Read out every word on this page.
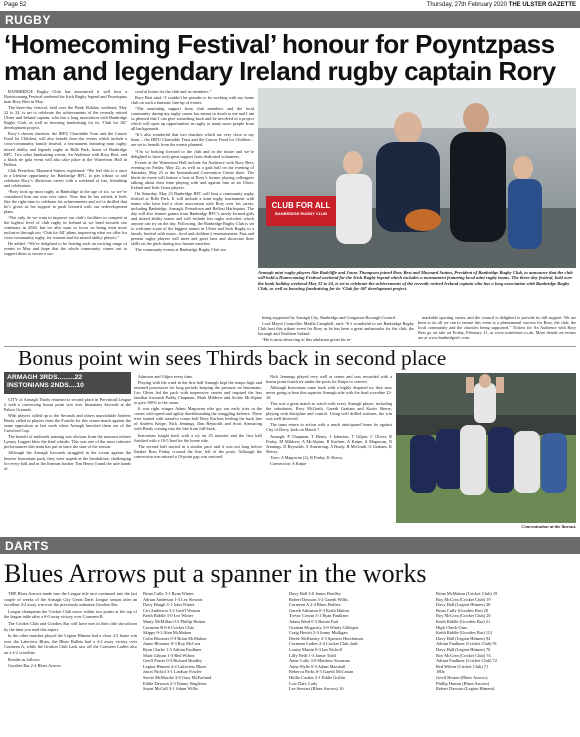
Page 52	Thursday, 27th February 2020 THE ULSTER GAZETTE
RUGBY
‘Homecoming Festival’ honour for Poyntzpass
man and legendary Ireland rugby captain Rory

BANBRIDGE Rugby Club has announced it will host a Homecoming Festival weekend for Irish Rugby legend and Poyntzpass man Rory Best in May.

The three-day festival, held over the Bank Holiday weekend, May 22 to 24, is set to celebrate the achievements of the recently retired Ulster and Ireland captain, who has a long association with Banbridge Rugby Club, as well as boosting fundraising for its ‘Club for All’ development project.

Rory’s chosen charities, the IRFU Charitable Trust and the Cancer Fund for Children, will also benefit from the events which include a cross-community family festival, a tournament featuring mini rugby, mixed ability and legends rugby at Rifle Park, home of Banbridge RFC. Two other fundraising events, An Audience with Rory Best, and a black tie gala event will also take place at the Waterfront Hall in Belfast.

Club President, Maynard Sutton, explained: “We feel this is a once in a lifetime opportunity for Banbridge RFC, to pay tribute to and celebrate Rory’s illustrious career with a weekend of fun, friendship and celebration.

“Rory took up mini rugby at Banbridge at the age of six, so we’ve considered him our own ever since. Now that he has retired, it feels like the right time to celebrate his achievements and we’re thrilled that he’s given us his support to push forward with our redevelopment plans.

“Not only do we want to improve our club’s facilities to compete at the highest level of club rugby in Ireland as we head towards our centenary in 2026, but we also want to focus on being even more inclusive through our ‘Club for All’ plans, improving what we offer for cross-community rugby, for women and for mixed ability players.”

He added: “We’re delighted to be hosting such an exciting range of events in May and hope that the whole community comes out to support them to secure a suc-

cessful future for the club and its members.”

Rory Best said: “I couldn’t be prouder to be working with my home club on such a fantastic line-up of events.

“The unstinting support from club members and the local community during my rugby career has meant so much to me and I am so pleased that I can give something back and be involved in a project which will open up opportunities in rugby to many more people from all backgrounds.

“It’s also wonderful that two charities which are very close to my heart – the IRFU Charitable Trust and the Cancer Fund for Children – are set to benefit from the events planned.

“I’m so looking forward to the club and in the future and we’re delighted to have such great support from dedicated volunteers.

Events at the Waterfront Hall include An Audience with Rory Best, evening on Friday, May 22, as well as a gala ball on the evening of Saturday, May 23 at the International Convention Centre there. The black-tie event will feature a host of Rory’s former playing colleagues talking about their time playing with and against him as an Ulster, Ireland and Irish Lions players.

On Saturday, May 23 Banbridge RFC will host a community rugby festival at Rifle Park. It will include a mini rugby tournament with teams who have had a close association with Rory over his career, including Banbridge, Armagh, Portadown and Belfast Harlequins. The day will also feature games from Banbridge RFC’s newly-formed girls and mixed ability teams and will include fun rugby activities which anyone can try on the day. Following, the Banbridge Rugby Club is set to welcome some of the biggest names in Ulster and Irish Rugby to a family festival with music, food and children’s entertainment. Past and present rugby players will meet and greet fans and showcase their skills on the pitch during two feature matches.

The community events at Banbridge Rugby Club are

CLUB FOR ALL
BANBRIDGE RUGBY CLUB
Armagh mini rugby players Abe Radcliffe and Jonas Thompson joined Rory Best and Maynard Sutton, President of Banbridge Rugby Club, to announce that the club will hold a Homecoming Festival weekend for the Irish Rugby legend which includes a tournament featuring local mini rugby teams. The three-day festival, held over the bank holiday weekend May 22 to 24, is set to celebrate the achievements of the recently retired Ireland captain who has a long association with Banbridge Rugby Club, as well as boosting fundraising for its ‘Club for All’ development project.

being supported by Armagh City, Banbridge and Craigavon Borough Council.

Lord Mayor Councillor Mealla Campbell, said: “It’s wonderful to see Banbridge Rugby Club host this tribute event for Rory as he has been a great ambassador for the club, the borough and Northern Ireland.

“He is most deserving of this adulation given his re-

markable sporting career, and the council is delighted to provide its full support. We are keen to do all we can to ensure this event is a phenomenal success for Rory, the club, the local community and the charities being supported.” Tickets for An Audience with Rory Best go on sale on Friday, February 21, at www.waterfront.co.uk. More details on events are at www.banbridgerfc.com.

Bonus point win sees Thirds back in second place
ARMAGH 3RDS.........22
INSTONIANS 2NDS....10

CITY of Armagh Thirds returned to second place in Provincial League 2 with a convincing bonus point win over Instonians Seconds at the Palace Grounds.

With players called up to the Seconds and others unavailable Andrew Brady called in players from the Fourths for this return match against the same opposition as last week when Armagh knocked them out of the Crawford Cup.

The benefit of midweek training was obvious from the moment referee Lynsey Leggett blew the final whistle. This was one of the most cohesive performances this team has put in since the start of the season.

Although the Armagh forwards struggled in the scrum against the heavier Instonians pack, they were superb at the breakdown, challenging for every ball and in the lineouts hooker Tim Henry found the safe hands of

Johnston and Gilpin every time.

Playing with the wind in the first half Armagh kept the tempo high and retained possession for long periods keeping the pressure on Instonians. Leo Oliver led the pack with impressive carries and inspired the less familiar forwards Paddy Chapman, Mark Mildrew and Archie McAlpine to give 100% to the cause.

It was right winger Adam Magowan who got our early tries in the corner with speed and agility dumbfounding the struggling defence. These tries started with stand-in scrum half Rory Karlsen feeding the back line of Andrew Knipe, Nick Jennings, Dan Reynolds and Scott Armstrong with Brady coming into the line from full-back.

Instonians fought back with a try on 25 minutes and the first half finished with a 10-5 lead for the home side.

The second half started in a similar pace and it was not long before flanker Ross Finlay crossed the line, left of the posts. Although the conversion was missed a 10-point gap was restored.

Nick Jennings played very well at centre and was rewarded with a bonus point fourth try under the posts for Knipe to convert.

Although Instonians came back with a highly disputed try they now never going to beat this superior Armagh side with the final scoreline 22-10.

This was a great match to watch with every Armagh player, including the substitutes, Rory McGrath, Gareth Graham and Kurtis Sherry, playing with discipline and control. Using well drilled routines, the win was well deserved.

The team return to action with a much anticipated home tie against City of Derry 2nds on March 7.

Armagh: P Chapman, T Henry, J Johnston, T Gilpin, C Oliver, R Finlay, M Mildrew, A McAlpine, R Karlsen, A Knipe, A Magowan, N Jennings, D Reynolds, S Armstrong, A Brady. R McGrath, G Graham, K Sherry.

Tries: A Magowan (2), R Finlay, K Sherry.

Conversion: A Knipe

Concentration at the lineout.
DARTS
Blues Arrows put a spanner in the works

THE Blues Arrows made sure the League title race continued into the last couple of weeks of the Armagh City Gents Darts League season after an excellent 4-2 away win over the previously unbeaten Goodies Bar.

League champions the Cricket Club move within two points at the top of the league table after a 6-0 away victory over Cormeen B.

The Cricket Club and Goodies Bar will have met in their title showdown by the time you read this report.

In the other matches played the Legion Hitmen had a close 4-2 home win over the Lakeview Blues, the Blues Bullets had a 4-2 away victory over Cormeen A, while the Grafton Club Lads saw off the Cormeen Ladies also on a 4-2 scoreline.

Results as follows:

Goodies Bar 2-4 Blues Arrows

Brian Cully 3-1 Ryan Winter
Adrian Anderson 1-3 Lez Stewart
Davy Haugh 3-1 John Winter
Ciri Anderson 3-2 Geoff Watson
Keith Riddle 3-0 Lez Winter
Marty McMillan 0-3 Phillip Hutton
Cormeen B 0-6 Cricket Club
Skippy 0-3 Alan McMahon
Colin Bloomer 0-3 Brian McMahon
Jamie Bloomer 0-3 Roy McCrea
Ryan Clarke 1-3 Adrian Faulkner
Mark Gibson 1-3 Red Wilton
Geoff Fraser 0-3 Richard Bradley
Legion Hitmen 4-2 Lakeview Blues
Jason Nichol 3-1 Lindsay Fowler
Stevie McMordie 3-0 Gary McFarland
Eddie Dawson 2-3 Danny Singleton
Stuart McCall 3-1 Adam Willis
Davy Hall 3-0 James Bradley
Robert Dawson 3-2 Gareth Willis
Cormeen A 2-4 Blues Bullets
Gareth Atkinson 0-3 Keith Hutton
Trevor Cowan 3-1 Ryan Faulkner
Adam Ward 0-3 Bernie Earl
Graham Mcgarrity 3-0 Windy Gillespie
Craig Hewitt 2-3 Jonny Mulligan
Derek McKinstry 2-3 Spencer Hutchinson
Cormeen Ladies 2-4 Cricket Club 2nds
Louise Martin 0-3 Ian Nicholl
Lilly Neill 1-3 Jamie Todd
Anne Cully 3-0 Matthew Stoxman
Anna Wylie 0-3 Adam Marshall
Rebecca Parks 0-3 Gareth McCartan
Hollie Castles 3-1 Eddie Griffin
Low Dart: Lady
Lee Stewart (Blues Arrows) 16
Brian McMahon (Cricket Club) 19
Roy McCrea (Cricket Club) 19
Davy Hall (Legion Hitmen) 20
Brian Cully (Goodies Bar) 20
Roy McCrea (Cricket Club) 20
Keith Riddle (Goodies Bar) 21
High Check-Outs:
Keith Riddle (Goodies Bar) 112
Davy Hall (Legion Hitmen) 94
Adrian Faulkner (Cricket Club) 91
Davy Hall (Legion Hitmen) 76
Roy McCrea (Cricket Club) 74
Adrian Faulkner (Cricket Club) 72
Red Wilton (Cricket Club) 71
180s:
Geoff Hutton (Blues Arrows)
Phillip Hutton (Blues Arrows)
Robert Dawson (Legion Hitmen).
